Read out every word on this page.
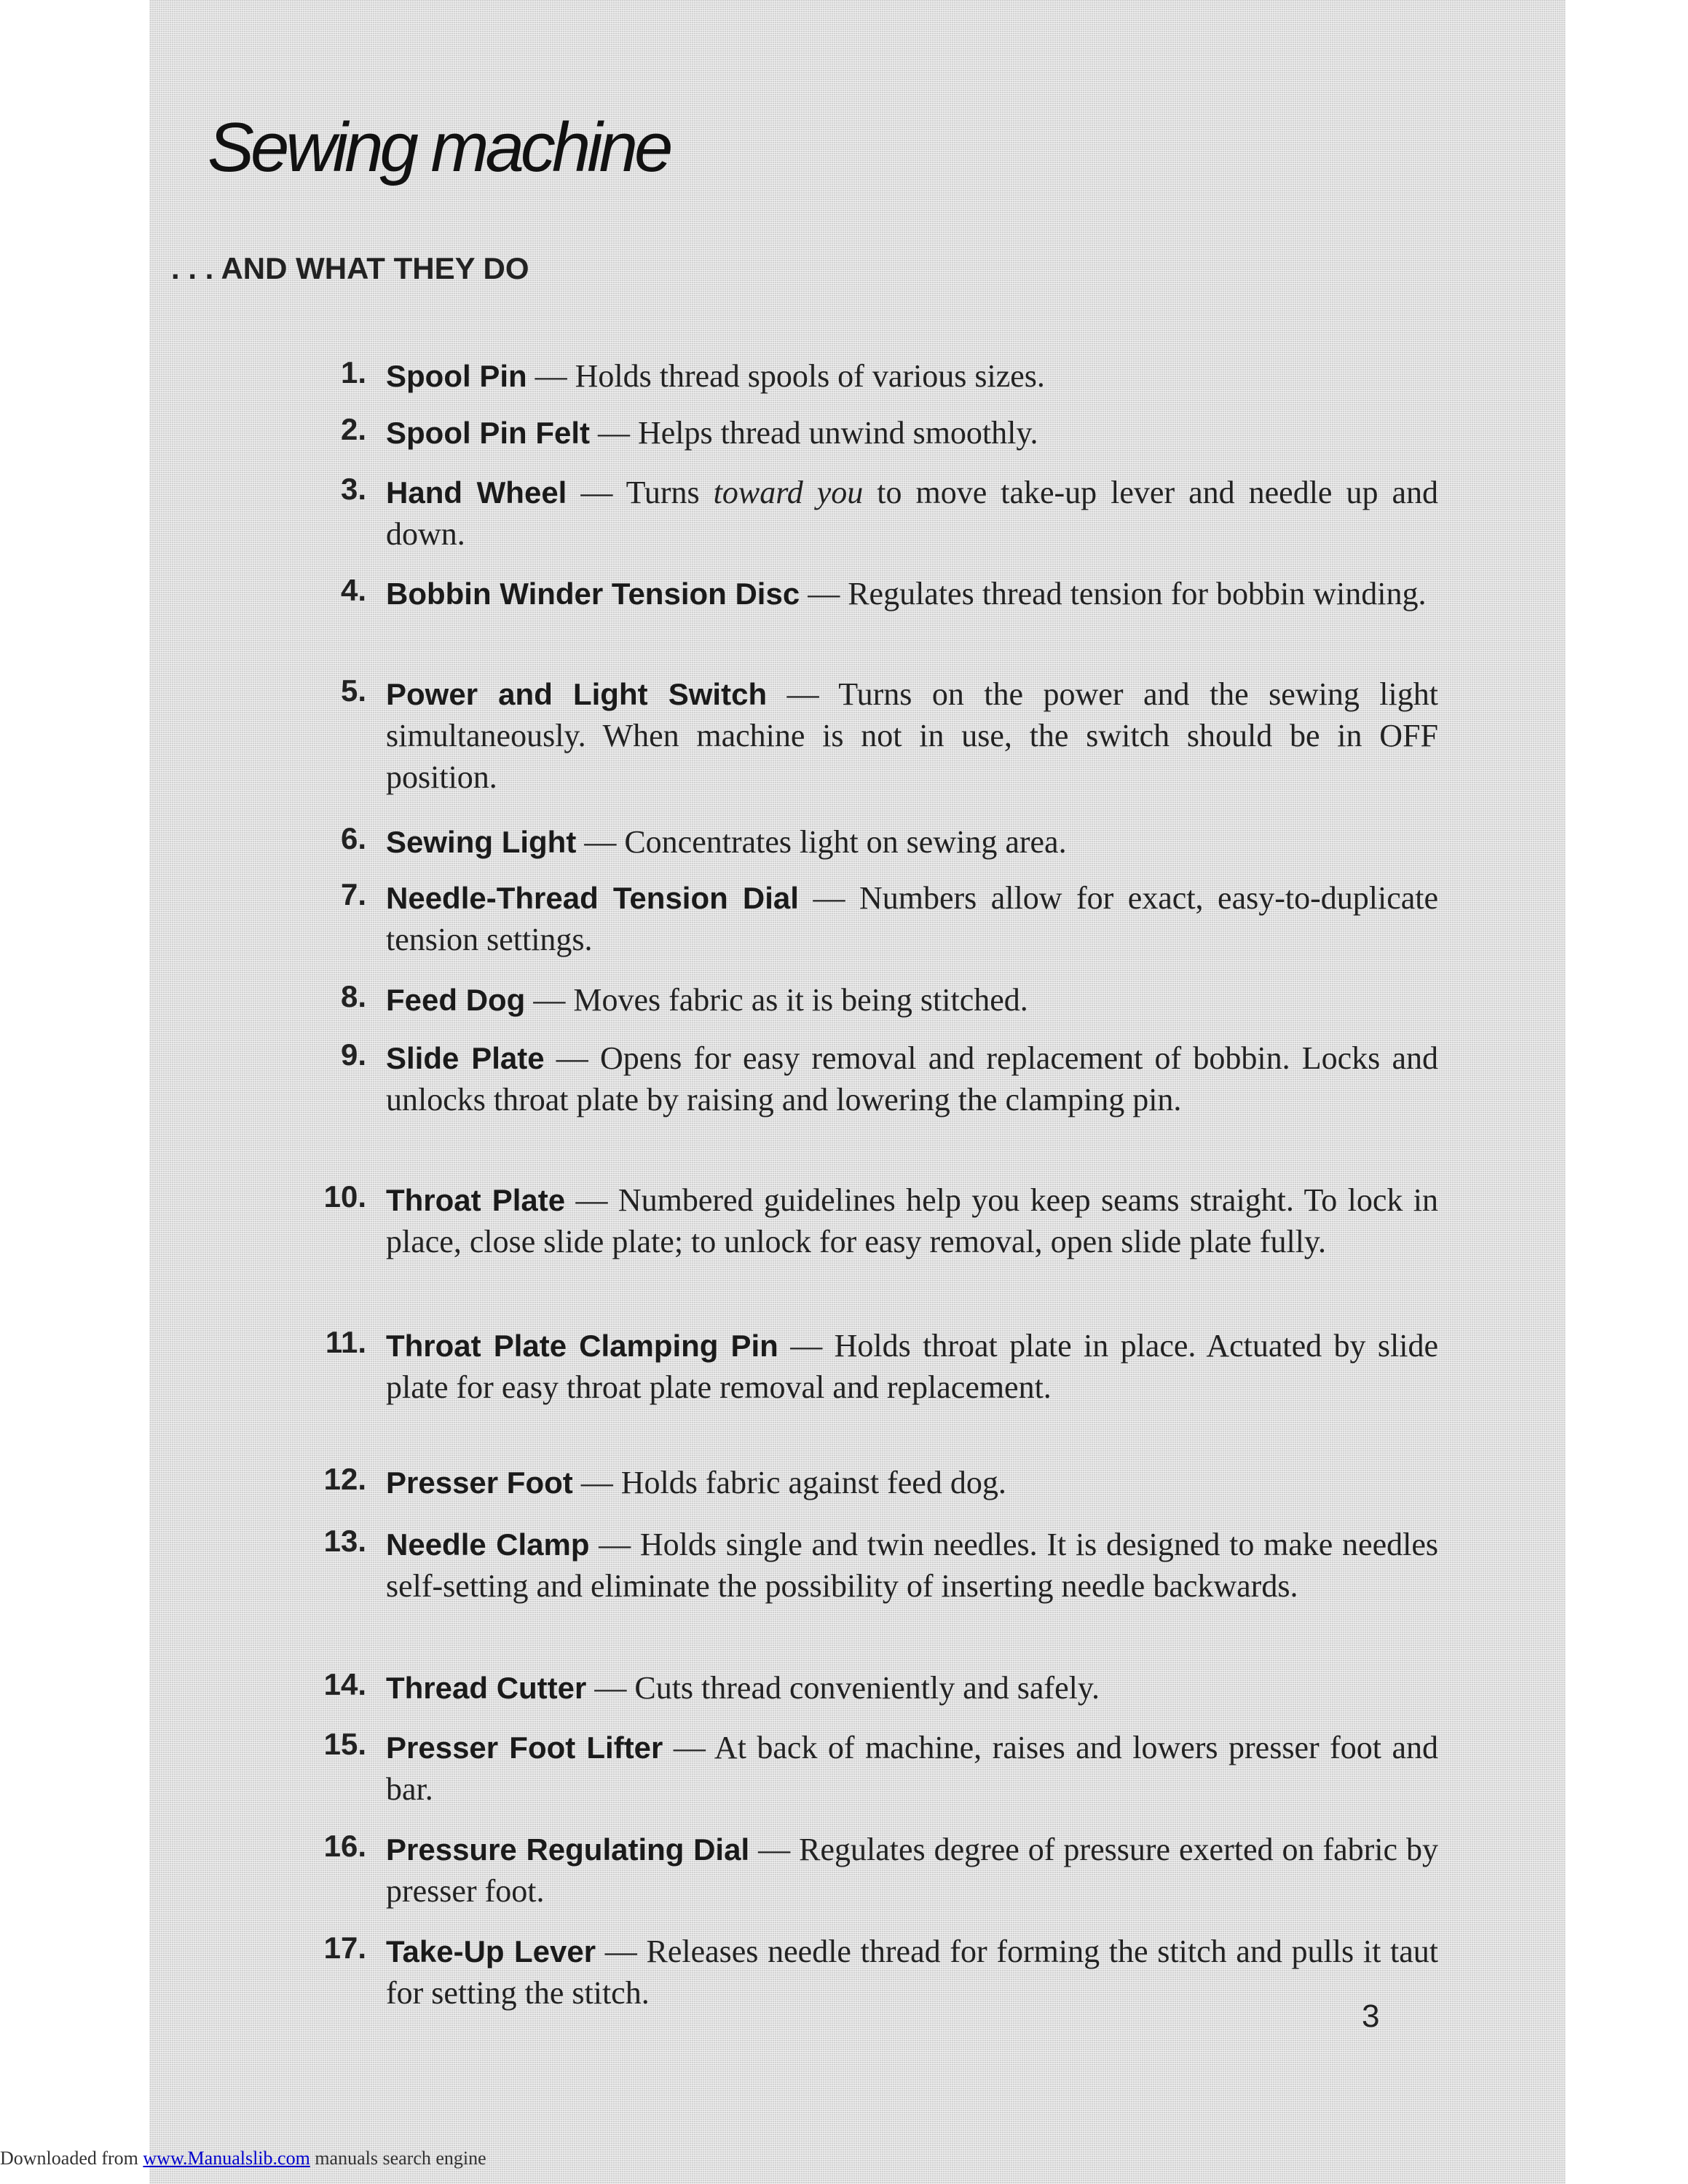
Sewing machine
. . . AND WHAT THEY DO
1. Spool Pin — Holds thread spools of various sizes.
2. Spool Pin Felt — Helps thread unwind smoothly.
3. Hand Wheel — Turns toward you to move take-up lever and needle up and down.
4. Bobbin Winder Tension Disc — Regulates thread tension for bobbin winding.
5. Power and Light Switch — Turns on the power and the sewing light simultaneously. When machine is not in use, the switch should be in OFF position.
6. Sewing Light — Concentrates light on sewing area.
7. Needle-Thread Tension Dial — Numbers allow for exact, easy-to-duplicate tension settings.
8. Feed Dog — Moves fabric as it is being stitched.
9. Slide Plate — Opens for easy removal and replacement of bobbin. Locks and unlocks throat plate by raising and lowering the clamping pin.
10. Throat Plate — Numbered guidelines help you keep seams straight. To lock in place, close slide plate; to unlock for easy removal, open slide plate fully.
11. Throat Plate Clamping Pin — Holds throat plate in place. Actuated by slide plate for easy throat plate removal and replacement.
12. Presser Foot — Holds fabric against feed dog.
13. Needle Clamp — Holds single and twin needles. It is designed to make needles self-setting and eliminate the possibility of inserting needle backwards.
14. Thread Cutter — Cuts thread conveniently and safely.
15. Presser Foot Lifter — At back of machine, raises and lowers presser foot and bar.
16. Pressure Regulating Dial — Regulates degree of pressure exerted on fabric by presser foot.
17. Take-Up Lever — Releases needle thread for forming the stitch and pulls it taut for setting the stitch.
3
Downloaded from www.Manualslib.com manuals search engine
